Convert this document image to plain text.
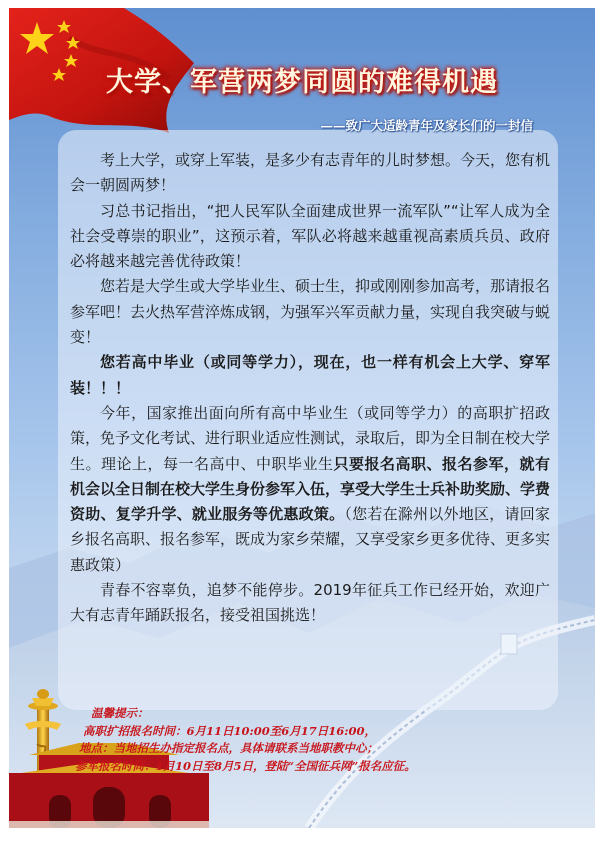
大学、军营两梦同圆的难得机遇
——致广大适龄青年及家长们的一封信

考上大学，或穿上军装，是多少有志青年的儿时梦想。今天，您有机会一朝圆两梦！

习总书记指出，“把人民军队全面建成世界一流军队”“让军人成为全社会受尊崇的职业”，这预示着，军队必将越来越重视高素质兵员、政府必将越来越完善优待政策！

您若是大学生或大学毕业生、硕士生，抑或刚刚参加高考，那请报名参军吧！去火热军营淬炼成钢，为强军兴军贡献力量，实现自我突破与蜕变！

您若高中毕业（或同等学力），现在，也一样有机会上大学、穿军装！！！

今年，国家推出面向所有高中毕业生（或同等学力）的高职扩招政策，免予文化考试、进行职业适应性测试，录取后，即为全日制在校大学生。理论上，每一名高中、中职毕业生只要报名高职、报名参军，就有机会以全日制在校大学生身份参军入伍，享受大学生士兵补助奖励、学费资助、复学升学、就业服务等优惠政策。（您若在滁州以外地区，请回家乡报名高职、报名参军，既成为家乡荣耀，又享受家乡更多优待、更多实惠政策）

青春不容辜负，追梦不能停步。2019年征兵工作已经开始，欢迎广大有志青年踊跃报名，接受祖国挑选！

温馨提示：
高职扩招报名时间：6月11日10:00至6月17日16:00，
地点：当地招生办指定报名点，具体请联系当地职教中心；
参军报名时间：1月10日至8月5日，登陆“全国征兵网”报名应征。
